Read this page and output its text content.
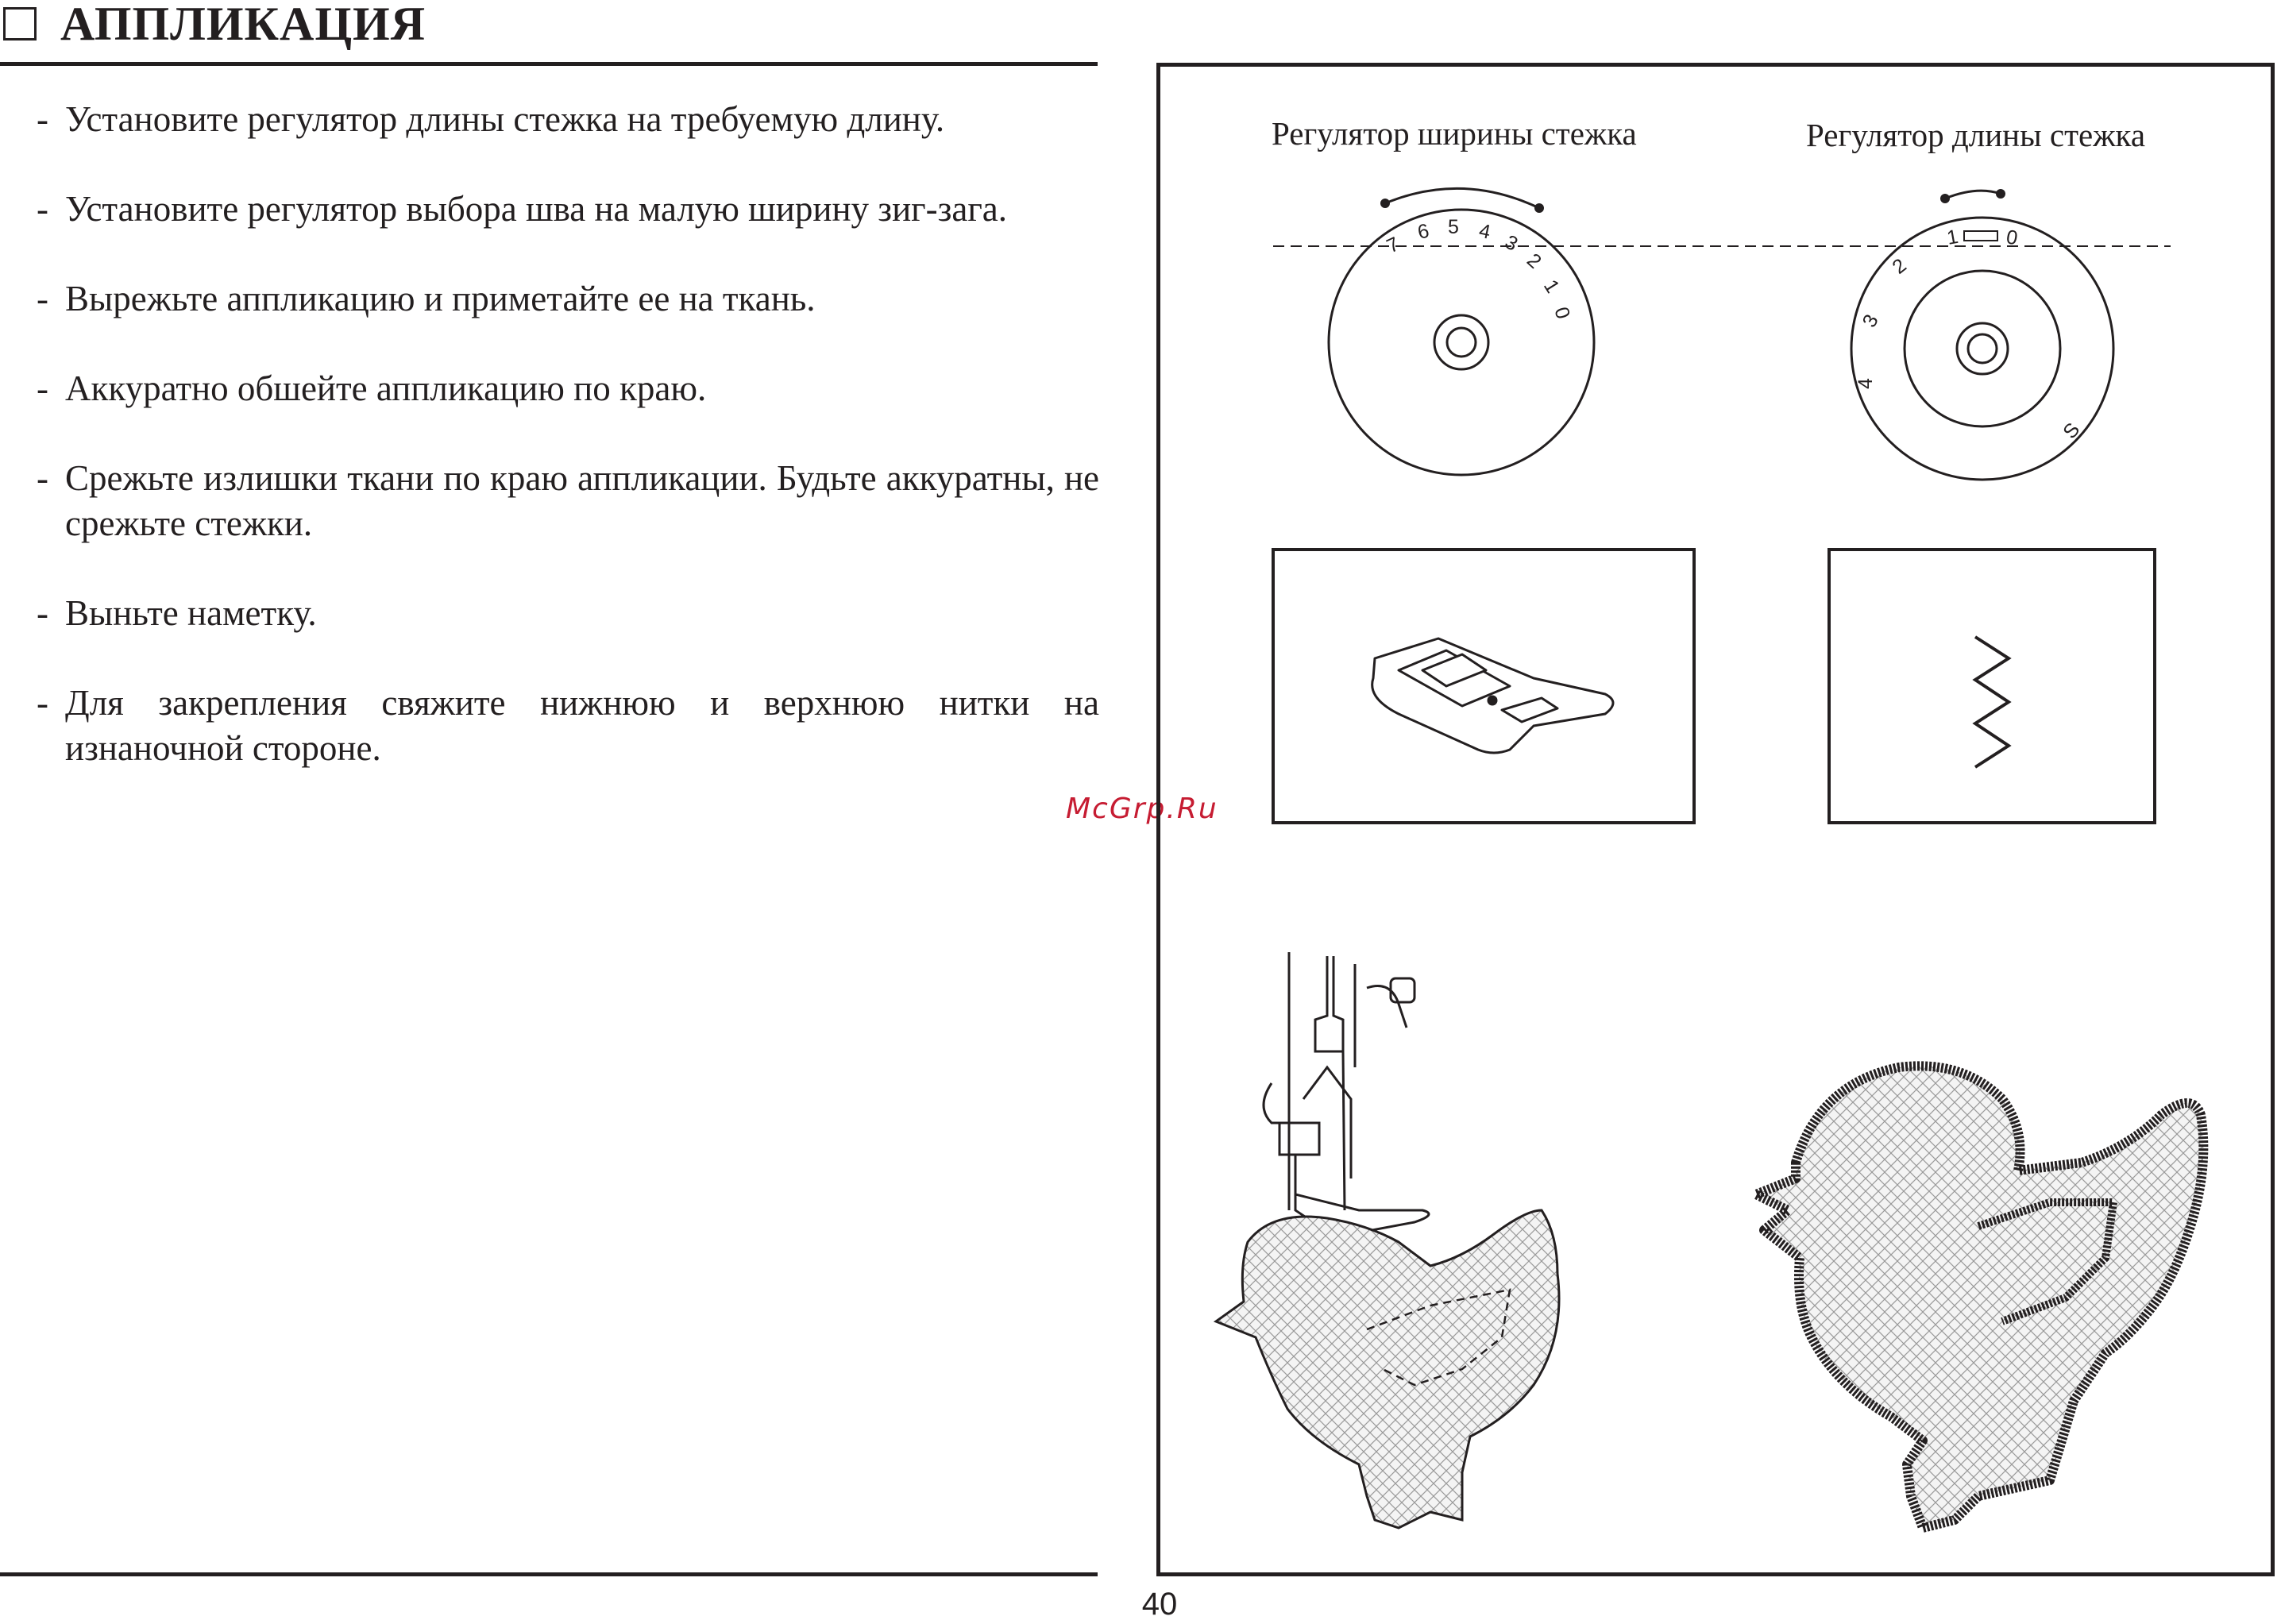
АППЛИКАЦИЯ
- Установите регулятор длины стежка на требуемую длину.
- Установите регулятор выбора шва на малую ширину зиг-зага.
- Вырежьте аппликацию и приметайте ее на ткань.
- Аккуратно обшейте аппликацию по краю.
- Срежьте излишки ткани по краю аппликации. Будьте аккуратны, не срежьте стежки.
- Выньте наметку.
- Для закрепления свяжите нижнюю и верхнюю нитки на изнаночной стороне.
40
McGrp.Ru
Регулятор ширины стежка	Регулятор длины стежка
7
6 5 4 3
2
1
0
1 0
2
3
4
S
